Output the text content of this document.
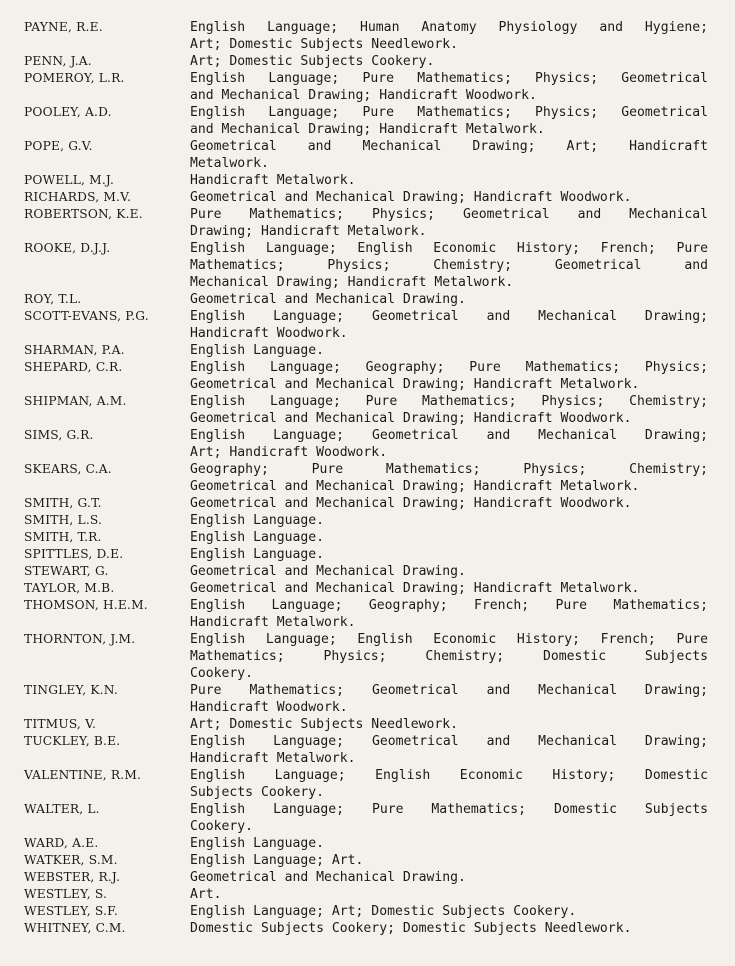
PAYNE, R.E.	English Language; Human Anatomy Physiology and Hygiene;
Art; Domestic Subjects Needlework.
PENN, J.A.	Art; Domestic Subjects Cookery.
POMEROY, L.R.	English Language; Pure Mathematics; Physics; Geometrical
and Mechanical Drawing; Handicraft Woodwork.
POOLEY, A.D.	English Language; Pure Mathematics; Physics; Geometrical
and Mechanical Drawing; Handicraft Metalwork.
POPE, G.V.	Geometrical and Mechanical Drawing; Art; Handicraft
Metalwork.
POWELL, M.J.	Handicraft Metalwork.
RICHARDS, M.V.	Geometrical and Mechanical Drawing; Handicraft Woodwork.
ROBERTSON, K.E.	Pure Mathematics; Physics; Geometrical and Mechanical
Drawing; Handicraft Metalwork.
ROOKE, D.J.J.	English Language; English Economic History; French; Pure
Mathematics; Physics; Chemistry; Geometrical and
Mechanical Drawing; Handicraft Metalwork.
ROY, T.L.	Geometrical and Mechanical Drawing.
SCOTT-EVANS, P.G.	English Language; Geometrical and Mechanical Drawing;
Handicraft Woodwork.
SHARMAN, P.A.	English Language.
SHEPARD, C.R.	English Language; Geography; Pure Mathematics; Physics;
Geometrical and Mechanical Drawing; Handicraft Metalwork.
SHIPMAN, A.M.	English Language; Pure Mathematics; Physics; Chemistry;
Geometrical and Mechanical Drawing; Handicraft Woodwork.
SIMS, G.R.	English Language; Geometrical and Mechanical Drawing;
Art; Handicraft Woodwork.
SKEARS, C.A.	Geography; Pure Mathematics; Physics; Chemistry;
Geometrical and Mechanical Drawing; Handicraft Metalwork.
SMITH, G.T.	Geometrical and Mechanical Drawing; Handicraft Woodwork.
SMITH, L.S.	English Language.
SMITH, T.R.	English Language.
SPITTLES, D.E.	English Language.
STEWART, G.	Geometrical and Mechanical Drawing.
TAYLOR, M.B.	Geometrical and Mechanical Drawing; Handicraft Metalwork.
THOMSON, H.E.M.	English Language; Geography; French; Pure Mathematics;
Handicraft Metalwork.
THORNTON, J.M.	English Language; English Economic History; French; Pure
Mathematics; Physics; Chemistry; Domestic Subjects
Cookery.
TINGLEY, K.N.	Pure Mathematics; Geometrical and Mechanical Drawing;
Handicraft Woodwork.
TITMUS, V.	Art; Domestic Subjects Needlework.
TUCKLEY, B.E.	English Language; Geometrical and Mechanical Drawing;
Handicraft Metalwork.
VALENTINE, R.M.	English Language; English Economic History; Domestic
Subjects Cookery.
WALTER, L.	English Language; Pure Mathematics; Domestic Subjects
Cookery.
WARD, A.E.	English Language.
WATKER, S.M.	English Language; Art.
WEBSTER, R.J.	Geometrical and Mechanical Drawing.
WESTLEY, S.	Art.
WESTLEY, S.F.	English Language; Art; Domestic Subjects Cookery.
WHITNEY, C.M.	Domestic Subjects Cookery; Domestic Subjects Needlework.
